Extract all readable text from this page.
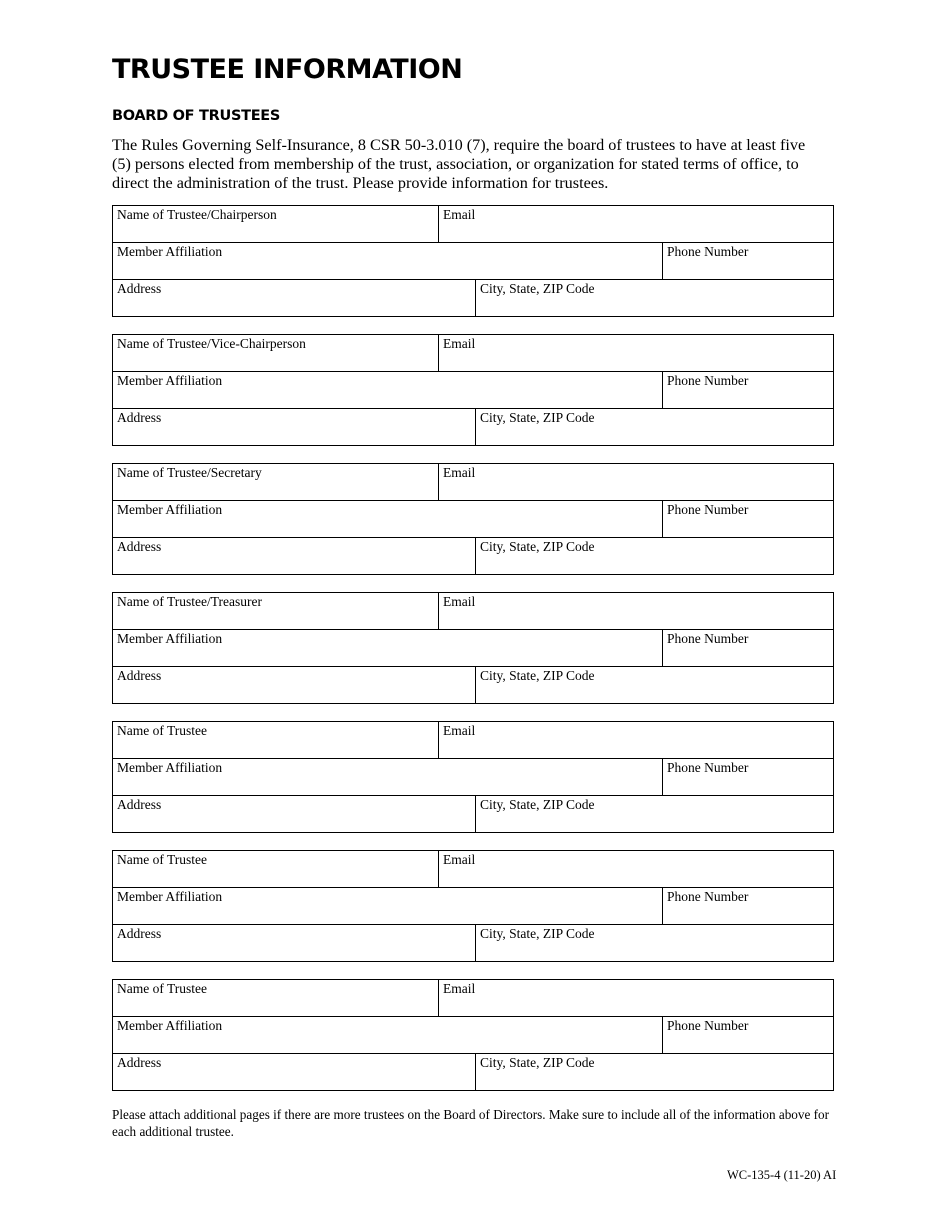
TRUSTEE INFORMATION
BOARD OF TRUSTEES
The Rules Governing Self-Insurance, 8 CSR 50-3.010 (7), require the board of trustees to have at least five (5) persons elected from membership of the trust, association, or organization for stated terms of office, to direct the administration of the trust. Please provide information for trustees.
Name of Trustee/Chairperson	Email
Member Affiliation	Phone Number
Address	City, State, ZIP Code
Name of Trustee/Vice-Chairperson	Email
Member Affiliation	Phone Number
Address	City, State, ZIP Code
Name of Trustee/Secretary	Email
Member Affiliation	Phone Number
Address	City, State, ZIP Code
Name of Trustee/Treasurer	Email
Member Affiliation	Phone Number
Address	City, State, ZIP Code
Name of Trustee	Email
Member Affiliation	Phone Number
Address	City, State, ZIP Code
Name of Trustee	Email
Member Affiliation	Phone Number
Address	City, State, ZIP Code
Name of Trustee	Email
Member Affiliation	Phone Number
Address	City, State, ZIP Code
Please attach additional pages if there are more trustees on the Board of Directors. Make sure to include all of the information above for each additional trustee.
WC-135-4 (11-20) AI
